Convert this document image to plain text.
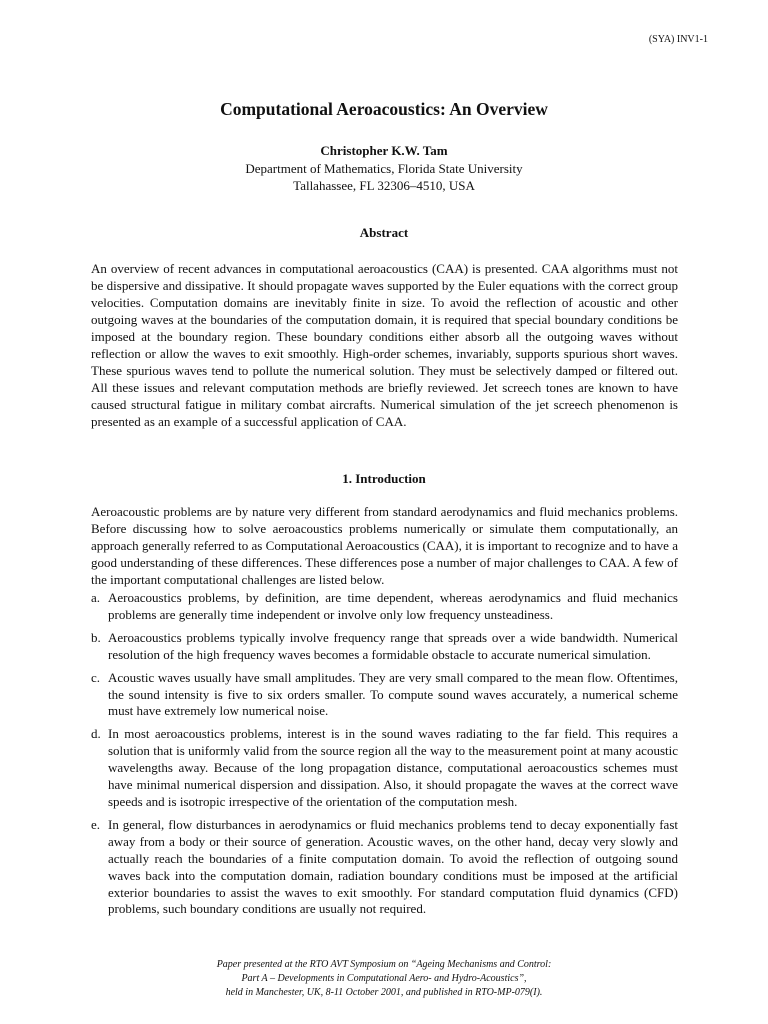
(SYA) INV1-1
Computational Aeroacoustics: An Overview
Christopher K.W. Tam
Department of Mathematics, Florida State University
Tallahassee, FL 32306–4510, USA
Abstract

An overview of recent advances in computational aeroacoustics (CAA) is presented. CAA algorithms must not be dispersive and dissipative. It should propagate waves supported by the Euler equations with the correct group velocities. Computation domains are inevitably finite in size. To avoid the reflection of acoustic and other outgoing waves at the boundaries of the computation domain, it is required that special boundary conditions be imposed at the boundary region. These boundary conditions either absorb all the outgoing waves without reflection or allow the waves to exit smoothly. High-order schemes, invariably, supports spurious short waves. These spurious waves tend to pollute the numerical solution. They must be selectively damped or filtered out. All these issues and relevant computation methods are briefly reviewed. Jet screech tones are known to have caused structural fatigue in military combat aircrafts. Numerical simulation of the jet screech phenomenon is presented as an example of a successful application of CAA.

1. Introduction

Aeroacoustic problems are by nature very different from standard aerodynamics and fluid mechanics problems. Before discussing how to solve aeroacoustics problems numerically or simulate them computationally, an approach generally referred to as Computational Aeroacoustics (CAA), it is important to recognize and to have a good understanding of these differences. These differences pose a number of major challenges to CAA. A few of the important computational challenges are listed below.

a. Aeroacoustics problems, by definition, are time dependent, whereas aerodynamics and fluid mechanics problems are generally time independent or involve only low frequency unsteadiness.
b. Aeroacoustics problems typically involve frequency range that spreads over a wide bandwidth. Numerical resolution of the high frequency waves becomes a formidable obstacle to accurate numerical simulation.
c. Acoustic waves usually have small amplitudes. They are very small compared to the mean flow. Oftentimes, the sound intensity is five to six orders smaller. To compute sound waves accurately, a numerical scheme must have extremely low numerical noise.
d. In most aeroacoustics problems, interest is in the sound waves radiating to the far field. This requires a solution that is uniformly valid from the source region all the way to the measurement point at many acoustic wavelengths away. Because of the long propagation distance, computational aeroacoustics schemes must have minimal numerical dispersion and dissipation. Also, it should propagate the waves at the correct wave speeds and is isotropic irrespective of the orientation of the computation mesh.
e. In general, flow disturbances in aerodynamics or fluid mechanics problems tend to decay exponentially fast away from a body or their source of generation. Acoustic waves, on the other hand, decay very slowly and actually reach the boundaries of a finite computation domain. To avoid the reflection of outgoing sound waves back into the computation domain, radiation boundary conditions must be imposed at the artificial exterior boundaries to assist the waves to exit smoothly. For standard computation fluid dynamics (CFD) problems, such boundary conditions are usually not required.
Paper presented at the RTO AVT Symposium on “Ageing Mechanisms and Control:
Part A – Developments in Computational Aero- and Hydro-Acoustics”,
held in Manchester, UK, 8-11 October 2001, and published in RTO-MP-079(I).
